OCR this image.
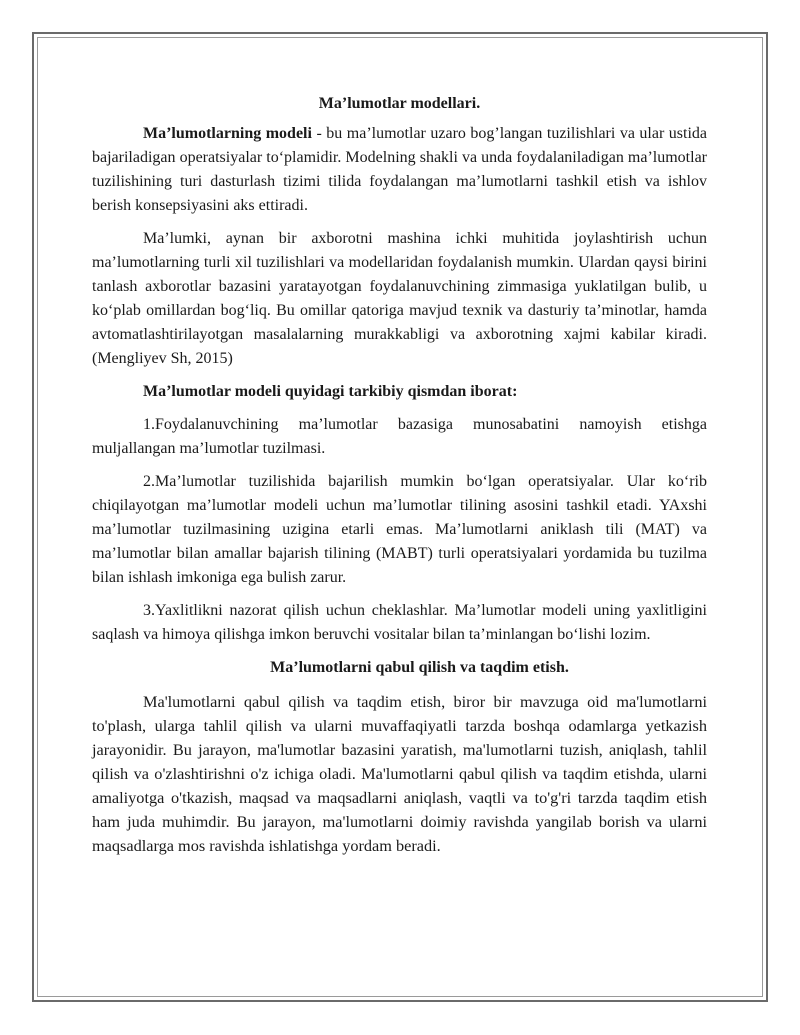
Ma’lumotlar modellari.

Ma’lumotlarning modeli - bu ma’lumotlar uzaro bog’langan tuzilishlari va ular ustida bajariladigan operatsiyalar to‘plamidir. Modelning shakli va unda foydalaniladigan ma’lumotlar tuzilishining turi dasturlash tizimi tilida foydalangan ma’lumotlarni tashkil etish va ishlov berish konsepsiyasini aks ettiradi.

Ma’lumki, aynan bir axborotni mashina ichki muhitida joylashtirish uchun ma’lumotlarning turli xil tuzilishlari va modellaridan foydalanish mumkin. Ulardan qaysi birini tanlash axborotlar bazasini yaratayotgan foydalanuvchining zimmasiga yuklatilgan bulib, u ko‘plab omillardan bog‘liq. Bu omillar qatoriga mavjud texnik va dasturiy ta’minotlar, hamda avtomatlashtirilayotgan masalalarning murakkabligi va axborotning xajmi kabilar kiradi. (Mengliyev Sh, 2015)

Ma’lumotlar modeli quyidagi tarkibiy qismdan iborat:

1.Foydalanuvchining ma’lumotlar bazasiga munosabatini namoyish etishga muljallangan ma’lumotlar tuzilmasi.

2.Ma’lumotlar tuzilishida bajarilish mumkin bo‘lgan operatsiyalar. Ular ko‘rib chiqilayotgan ma’lumotlar modeli uchun ma’lumotlar tilining asosini tashkil etadi. YAxshi ma’lumotlar tuzilmasining uzigina etarli emas. Ma’lumotlarni aniklash tili (MAT) va ma’lumotlar bilan amallar bajarish tilining (MABT) turli operatsiyalari yordamida bu tuzilma bilan ishlash imkoniga ega bulish zarur.

3.Yaxlitlikni nazorat qilish uchun cheklashlar. Ma’lumotlar modeli uning yaxlitligini saqlash va himoya qilishga imkon beruvchi vositalar bilan ta’minlangan bo‘lishi lozim.

Ma’lumotlarni qabul qilish va taqdim etish.

Ma'lumotlarni qabul qilish va taqdim etish, biror bir mavzuga oid ma'lumotlarni to'plash, ularga tahlil qilish va ularni muvaffaqiyatli tarzda boshqa odamlarga yetkazish jarayonidir. Bu jarayon, ma'lumotlar bazasini yaratish, ma'lumotlarni tuzish, aniqlash, tahlil qilish va o'zlashtirishni o'z ichiga oladi. Ma'lumotlarni qabul qilish va taqdim etishda, ularni amaliyotga o'tkazish, maqsad va maqsadlarni aniqlash, vaqtli va to'g'ri tarzda taqdim etish ham juda muhimdir. Bu jarayon, ma'lumotlarni doimiy ravishda yangilab borish va ularni maqsadlarga mos ravishda ishlatishga yordam beradi.
